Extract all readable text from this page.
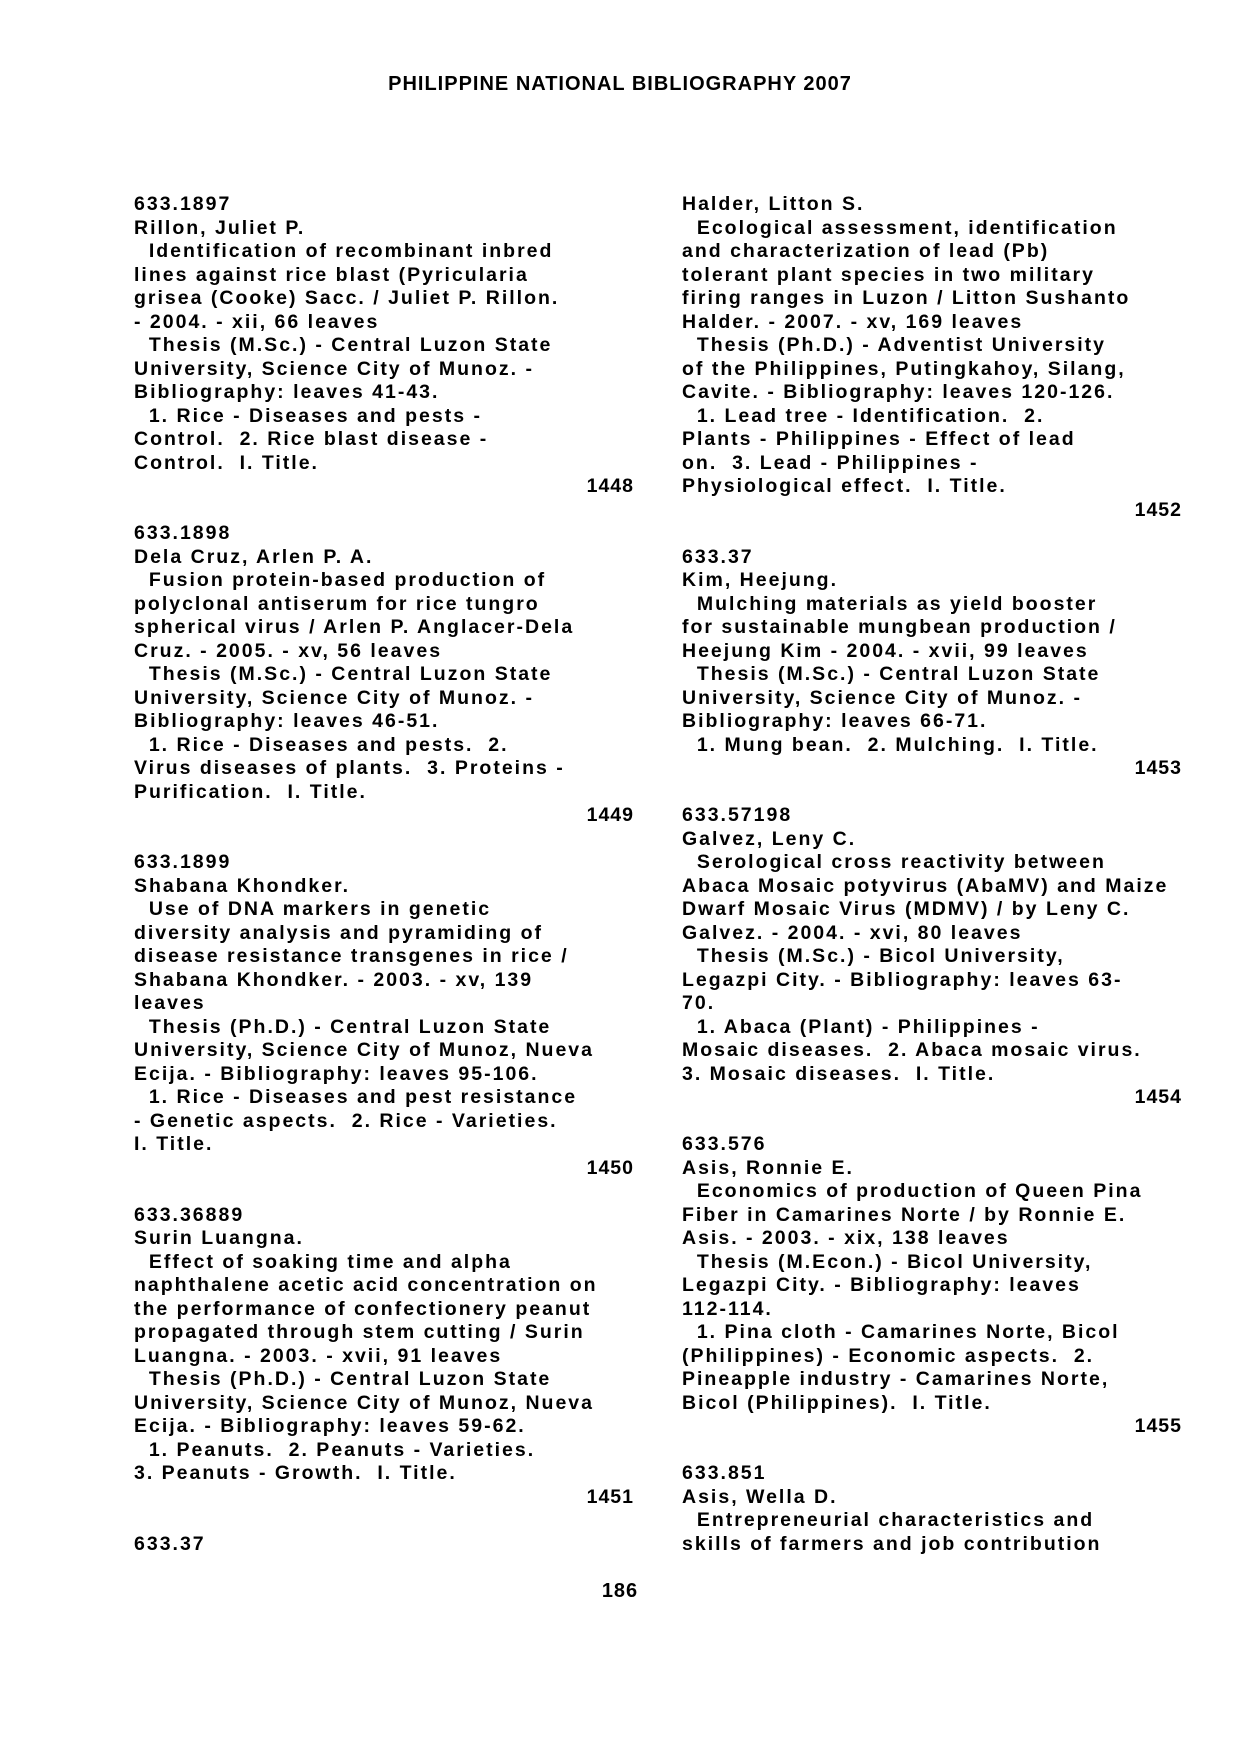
PHILIPPINE NATIONAL BIBLIOGRAPHY 2007
633.1897
Rillon, Juliet P.
Identification of recombinant inbred
lines against rice blast (Pyricularia
grisea (Cooke) Sacc. / Juliet P. Rillon.
- 2004. - xii, 66 leaves
Thesis (M.Sc.) - Central Luzon State
University, Science City of Munoz. -
Bibliography: leaves 41-43.
1. Rice - Diseases and pests -
Control.  2. Rice blast disease -
Control.  I. Title.
1448
633.1898
Dela Cruz, Arlen P. A.
Fusion protein-based production of
polyclonal antiserum for rice tungro
spherical virus / Arlen P. Anglacer-Dela
Cruz. - 2005. - xv, 56 leaves
Thesis (M.Sc.) - Central Luzon State
University, Science City of Munoz. -
Bibliography: leaves 46-51.
1. Rice - Diseases and pests.  2.
Virus diseases of plants.  3. Proteins -
Purification.  I. Title.
1449
633.1899
Shabana Khondker.
Use of DNA markers in genetic
diversity analysis and pyramiding of
disease resistance transgenes in rice /
Shabana Khondker. - 2003. - xv, 139
leaves
Thesis (Ph.D.) - Central Luzon State
University, Science City of Munoz, Nueva
Ecija. - Bibliography: leaves 95-106.
1. Rice - Diseases and pest resistance
- Genetic aspects.  2. Rice - Varieties.
I. Title.
1450
633.36889
Surin Luangna.
Effect of soaking time and alpha
naphthalene acetic acid concentration on
the performance of confectionery peanut
propagated through stem cutting / Surin
Luangna. - 2003. - xvii, 91 leaves
Thesis (Ph.D.) - Central Luzon State
University, Science City of Munoz, Nueva
Ecija. - Bibliography: leaves 59-62.
1. Peanuts.  2. Peanuts - Varieties.
3. Peanuts - Growth.  I. Title.
1451
633.37
Halder, Litton S.
Ecological assessment, identification
and characterization of lead (Pb)
tolerant plant species in two military
firing ranges in Luzon / Litton Sushanto
Halder. - 2007. - xv, 169 leaves
Thesis (Ph.D.) - Adventist University
of the Philippines, Putingkahoy, Silang,
Cavite. - Bibliography: leaves 120-126.
1. Lead tree - Identification.  2.
Plants - Philippines - Effect of lead
on.  3. Lead - Philippines -
Physiological effect.  I. Title.
1452
633.37
Kim, Heejung.
Mulching materials as yield booster
for sustainable mungbean production /
Heejung Kim - 2004. - xvii, 99 leaves
Thesis (M.Sc.) - Central Luzon State
University, Science City of Munoz. -
Bibliography: leaves 66-71.
1. Mung bean.  2. Mulching.  I. Title.
1453
633.57198
Galvez, Leny C.
Serological cross reactivity between
Abaca Mosaic potyvirus (AbaMV) and Maize
Dwarf Mosaic Virus (MDMV) / by Leny C.
Galvez. - 2004. - xvi, 80 leaves
Thesis (M.Sc.) - Bicol University,
Legazpi City. - Bibliography: leaves 63-
70.
1. Abaca (Plant) - Philippines -
Mosaic diseases.  2. Abaca mosaic virus.
3. Mosaic diseases.  I. Title.
1454
633.576
Asis, Ronnie E.
Economics of production of Queen Pina
Fiber in Camarines Norte / by Ronnie E.
Asis. - 2003. - xix, 138 leaves
Thesis (M.Econ.) - Bicol University,
Legazpi City. - Bibliography: leaves
112-114.
1. Pina cloth - Camarines Norte, Bicol
(Philippines) - Economic aspects.  2.
Pineapple industry - Camarines Norte,
Bicol (Philippines).  I. Title.
1455
633.851
Asis, Wella D.
Entrepreneurial characteristics and
skills of farmers and job contribution
186
